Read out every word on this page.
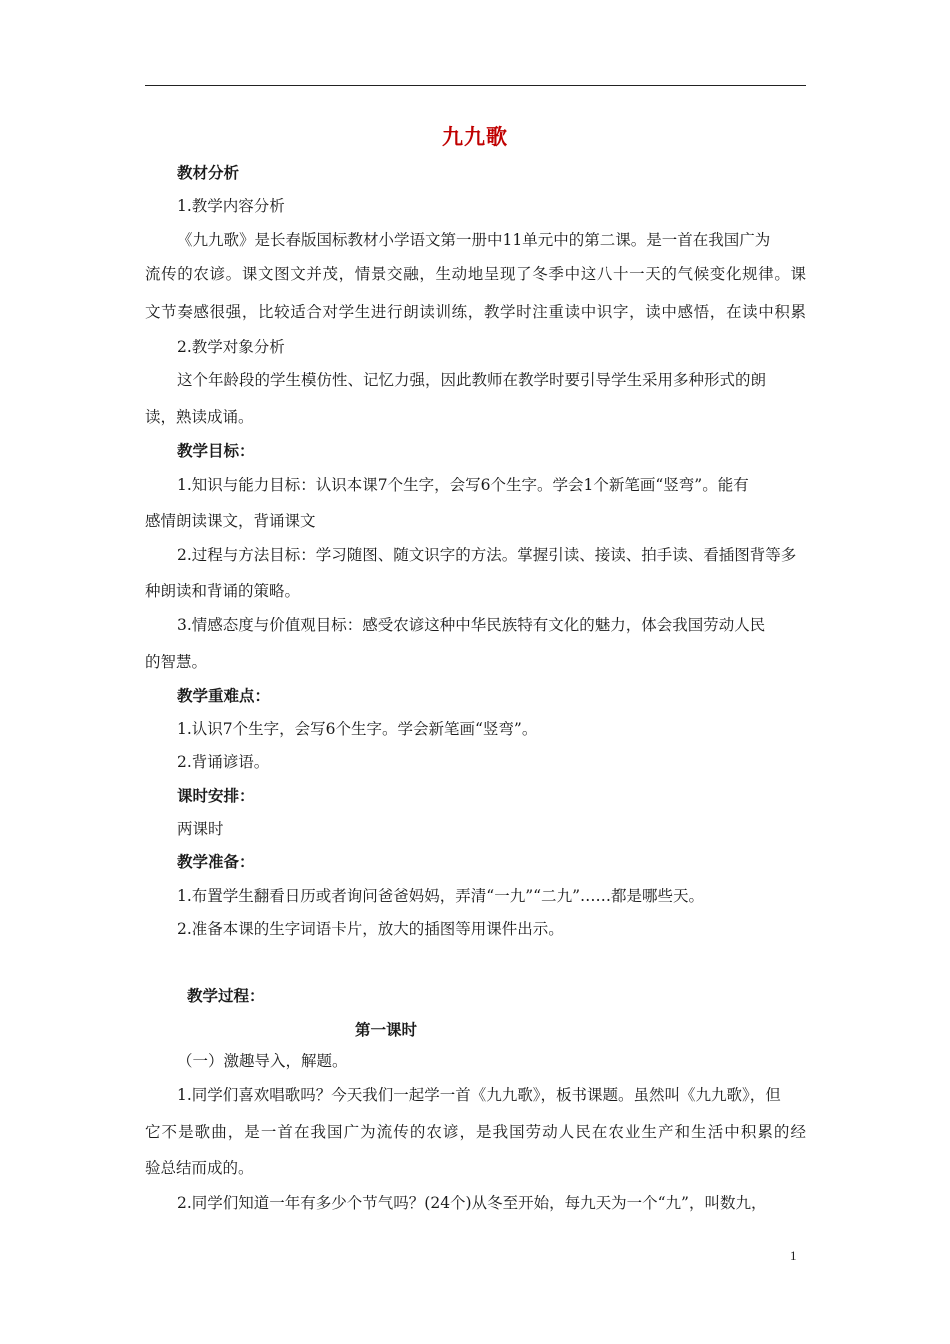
九九歌
教材分析
1.教学内容分析
《九九歌》是长春版国标教材小学语文第一册中11单元中的第二课。是一首在我国广为
流传的农谚。课文图文并茂，情景交融，生动地呈现了冬季中这八十一天的气候变化规律。课
文节奏感很强，比较适合对学生进行朗读训练，教学时注重读中识字，读中感悟，在读中积累
2.教学对象分析
这个年龄段的学生模仿性、记忆力强，因此教师在教学时要引导学生采用多种形式的朗
读，熟读成诵。
教学目标：
1.知识与能力目标：认识本课7个生字，会写6个生字。学会1个新笔画“竖弯”。能有
感情朗读课文，背诵课文
2.过程与方法目标：学习随图、随文识字的方法。掌握引读、接读、拍手读、看插图背等多
种朗读和背诵的策略。
3.情感态度与价值观目标：感受农谚这种中华民族特有文化的魅力，体会我国劳动人民
的智慧。
教学重难点：
1.认识7个生字，会写6个生字。学会新笔画“竖弯”。
2.背诵谚语。
课时安排：
两课时
教学准备：
1.布置学生翻看日历或者询问爸爸妈妈，弄清“一九”“二九”……都是哪些天。
2.准备本课的生字词语卡片，放大的插图等用课件出示。
教学过程：
第一课时
（一）激趣导入，解题。
1.同学们喜欢唱歌吗？今天我们一起学一首《九九歌》，板书课题。虽然叫《九九歌》，但
它不是歌曲，是一首在我国广为流传的农谚，是我国劳动人民在农业生产和生活中积累的经
验总结而成的。
2.同学们知道一年有多少个节气吗？(24个)从冬至开始，每九天为一个“九”，叫数九，
1
